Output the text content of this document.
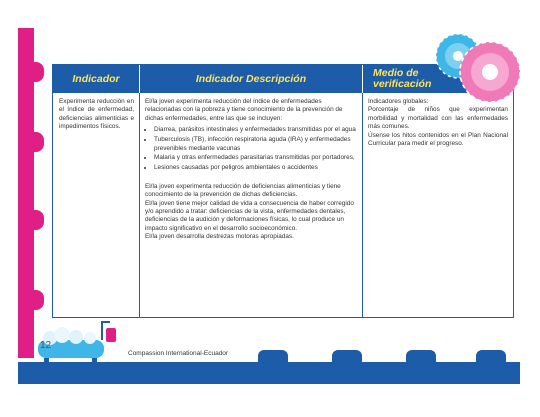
Indicador	Indicador Descripción	Medio de
verificación

Experimenta reducción en el índice de enfermedad, deficiencias alimenticias e impedimentos físicos.

El/la joven experimenta reducción del índice de enfermedades relacionadas con la pobreza y tiene conocimiento de la prevención de dichas enfermedades, entre las que se incluyen:

• Diarrea, parásitos intestinales y enfermedades transmitidas por el agua
• Tuberculosis (TB), infección respiratoria aguda (IRA) y enfermedades prevenibles mediante vacunas
• Malaria y otras enfermedades parasitarias transmitidas por portadores,
• Lesiones causadas por peligros ambientales o accidentes

El/la joven experimenta reducción de deficiencias alimenticias y tiene conocimiento de la prevención de dichas deficiencias.

El/la joven tiene mejor calidad de vida a consecuencia de haber corregido y/o aprendido a tratar: deficiencias de la vista, enfermedades dentales, deficiencias de la audición y deformaciones físicas, lo cual produce un impacto significativo en el desarrollo socioeconómico.

El/la joven desarrolla destrezas motoras apropiadas.

Indicadores globales:

Porcentaje de niños que experimentan morbilidad y mortalidad con las enfermedades más comunes.

Úsense los hitos contenidos en el Plan Nacional Curricular para medir el progreso.

12
Compassion International-Ecuador
